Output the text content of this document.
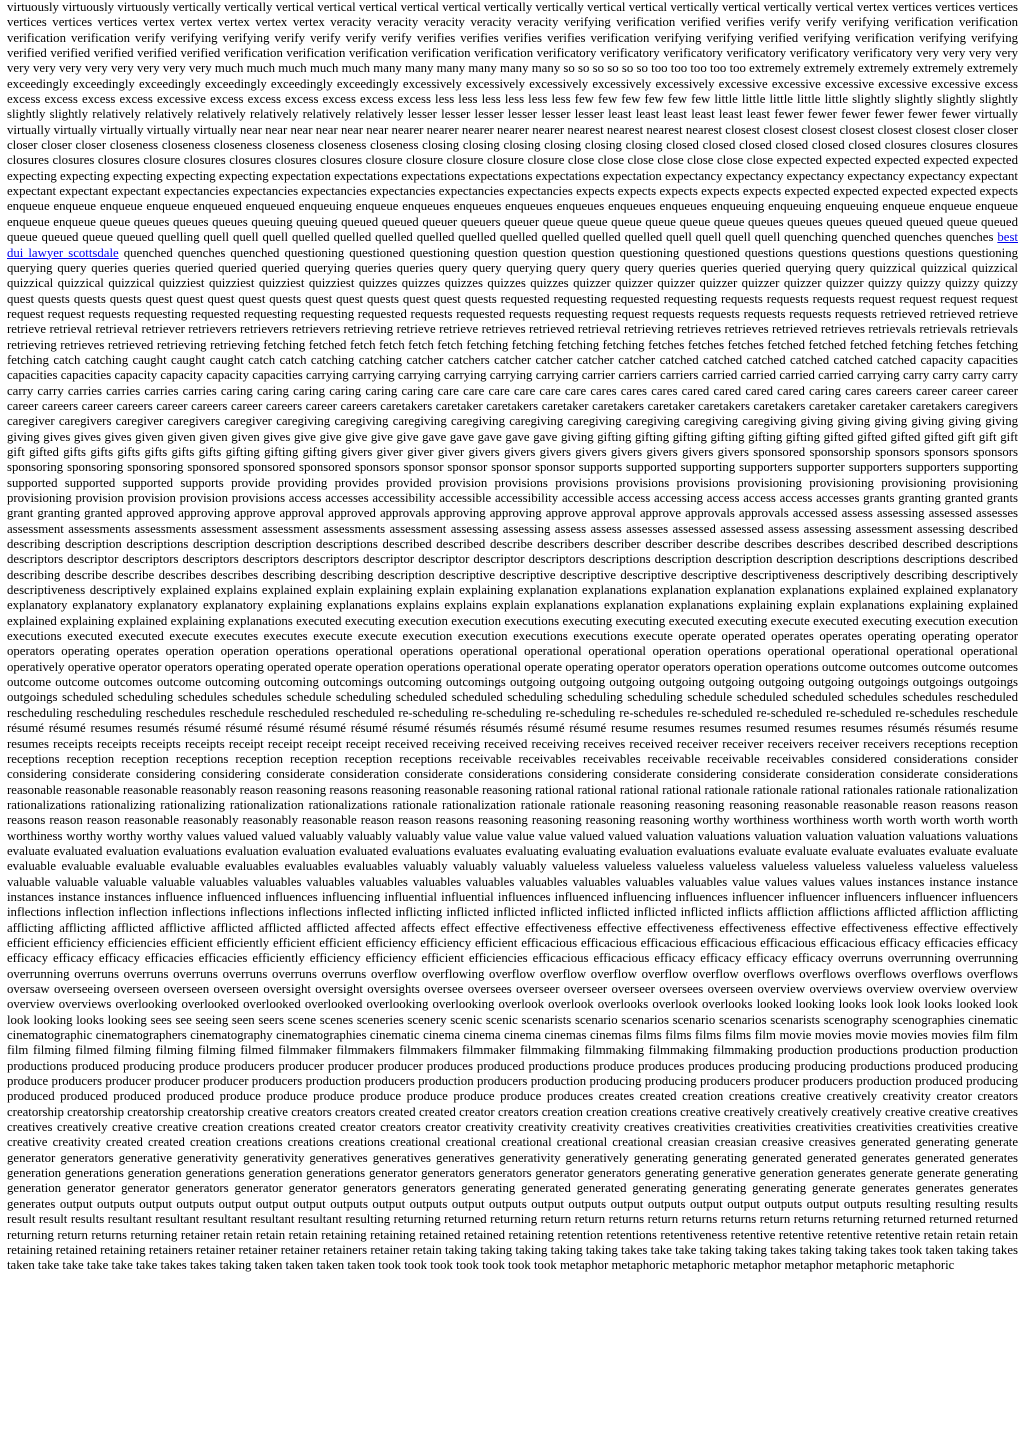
virtuously virtuously virtuously vertically vertically vertical vertical vertical vertical vertical vertically vertically vertical vertical vertically vertical vertically vertical vertex vertices vertices vertices vertices vertices vertices vertex vertex vertex vertex vertex veracity veracity veracity veracity veracity verifying verification verified verifies verify verify verifying verification verification verification verification verify verifying verifying verify verify verify verify verifies verifies verifies verifies verification verifying verifying verified verifying verification verifying verifying verified verified verified verified verified verification verification verification verification verification verificatory verificatory verificatory verificatory verificatory verificatory very very very very very very very very very very very very much much much much much many many many many many many so so so so so so too too too too too extremely extremely extremely extremely extremely exceedingly exceedingly exceedingly exceedingly exceedingly exceedingly excessively excessively excessively excessively excessively excessive excessive excessive excessive excessive excess excess excess excess excess excessive excess excess excess excess excess excess less less less less less less few few few few few few little little little little little slightly slightly slightly slightly slightly slightly relatively relatively relatively relatively relatively relatively lesser lesser lesser lesser lesser lesser least least least least least least fewer fewer fewer fewer fewer fewer virtually virtually virtually virtually virtually virtually near near near near near near nearer nearer nearer nearer nearer nearest nearest nearest nearest closest closest closest closest closest closest closer closer closer closer closer closeness closeness closeness closeness closeness closeness closing closing closing closing closing closing closed closed closed closed closed closed closures closures closures closures closures closures closure closures closures closures closures closure closure closure closure closure close close close close close close close expected expected expected expected expected expecting expecting expecting expecting expecting expectation expectations expectations expectations expectations expectation expectancy expectancy expectancy expectancy expectancy expectant expectant expectant expectant expectancies expectancies expectancies expectancies expectancies expectancies expects expects expects expects expects expected expected expected expected expects enqueue enqueue enqueue enqueue enqueued enqueued enqueuing enqueue enqueues enqueues enqueues enqueues enqueues enqueues enqueuing enqueuing enqueuing enqueue enqueue enqueue enqueue enqueue queue queues queues queues queuing queuing queued queued queuer queuers queuer queue queue queue queue queue queue queues queues queues queued queued queue queued queue queued queue queued quelling quell quell quell quelled quelled quelled quelled quelled quelled quelled quelled quelled quell quell quell quell quenching quenched quenches quenches best dui lawyer scottsdale quenched quenches quenched questioning questioned questioning question question question questioning questioned questions questions questions questions questioning querying query queries queries queried queried queried querying queries queries query query querying query query query queries queries queried querying query quizzical quizzical quizzical quizzical quizzical quizzical quizziest quizziest quizziest quizziest quizzes quizzes quizzes quizzes quizzes quizzer quizzer quizzer quizzer quizzer quizzer quizzer quizzy quizzy quizzy quizzy quest quests quests quests quest quest quest quest quests quest quest quests quest quest quests requested requesting requested requesting requests requests requests request request request request request request requests requesting requested requesting requesting requested requests requested requests requesting request requests requests requests requests requests retrieved retrieved retrieve retrieve retrieval retrieval retriever retrievers retrievers retrievers retrieving retrieve retrieve retrieves retrieved retrieval retrieving retrieves retrieves retrieved retrieves retrievals retrievals retrievals retrieving retrieves retrieved retrieving retrieving fetching fetched fetch fetch fetch fetch fetching fetching fetching fetching fetches fetches fetches fetched fetched fetched fetching fetches fetching fetching catch catching caught caught caught catch catch catching catching catcher catchers catcher catcher catcher catcher catched catched catched catched catched catched capacity capacities capacities capacities capacity capacity capacity capacities carrying carrying carrying carrying carrying carrying carrier carriers carriers carried carried carried carried carrying carry carry carry carry carry carry carries carries carries carries caring caring caring caring caring caring care care care care care care cares cares cares cared cared cared cared caring cares careers career career career career careers career careers career careers career careers career careers caretakers caretaker caretakers caretaker caretakers caretaker caretakers caretakers caretaker caretaker caretakers caregivers caregiver caregivers caregiver caregivers caregiver caregiving caregiving caregiving caregiving caregiving caregiving caregiving caregiving caregiving giving giving giving giving giving giving giving gives gives gives given given given given gives give give give give give gave gave gave gave gave giving gifting gifting gifting gifting gifting gifting gifted gifted gifted gifted gift gift gift gift gifted gifts gifts gifts gifts gifts gifts gifting gifting gifting givers giver giver giver givers givers givers givers givers givers givers givers sponsored sponsorship sponsors sponsors sponsors sponsoring sponsoring sponsoring sponsored sponsored sponsored sponsors sponsor sponsor sponsor sponsor supports supported supporting supporters supporter supporters supporters supporting supported supported supported supports provide providing provides provided provision provisions provisions provisions provisions provisioning provisioning provisioning provisioning provisioning provision provision provision provisions access accesses accessibility accessible accessibility accessible access accessing access access access accesses grants granting granted grants grant granting granted approved approving approve approval approved approvals approving approving approve approval approve approvals approvals accessed assess assessing assessed assesses assessment assessments assessments assessment assessment assessments assessment assessing assessing assess assess assesses assessed assessed assess assessing assessment assessing described describing description descriptions description description descriptions described described describe describers describer describer describe describes describes described described descriptions descriptors descriptor descriptors descriptors descriptors descriptors descriptor descriptor descriptor descriptors descriptions description description description descriptions descriptions described describing describe describe describes describes describing describing description descriptive descriptive descriptive descriptive descriptive descriptiveness descriptively describing descriptively descriptiveness descriptively explained explains explained explain explaining explain explaining explanation explanations explanation explanation explanations explained explained explanatory explanatory explanatory explanatory explanatory explaining explanations explains explains explain explanations explanation explanations explaining explain explanations explaining explained explained explaining explained explaining explanations executed executing execution execution executions executing executing executed executing execute executed executing execution execution executions executed executed execute executes executes execute execute execution execution executions executions execute operate operated operates operates operating operating operator operators operating operates operation operation operations operational operations operational operational operational operation operations operational operational operational operational operatively operative operator operators operating operated operate operation operations operational operate operating operator operators operation operations outcome outcomes outcome outcomes outcome outcome outcomes outcome outcoming outcoming outcomings outcoming outcomings outgoing outgoing outgoing outgoing outgoing outgoing outgoing outgoings outgoings outgoings outgoings scheduled scheduling schedules schedules schedule scheduling scheduled scheduled scheduling scheduling scheduling schedule scheduled scheduled schedules schedules rescheduled rescheduling rescheduling reschedules reschedule rescheduled rescheduled re-scheduling re-scheduling re-scheduling re-schedules re-scheduled re-scheduled re-scheduled re-schedules reschedule résumé résumé resumes resumés résumé résumé résumé résumé résumé résumé résumés résumés résumé résumé resume resumes resumes resumed resumes resumes résumés résumés resume resumes receipts receipts receipts receipts receipt receipt receipt receipt received receiving received receiving receives received receiver receiver receivers receiver receivers receptions reception receptions reception reception receptions reception reception reception receptions receivable receivables receivables receivable receivable receivables considered considerations consider considering considerate considering considering considerate consideration considerate considerations considering considerate considering considerate consideration considerate considerations reasonable reasonable reasonable reasonably reason reasoning reasons reasoning reasonable reasoning rational rational rational rational rationale rationale rational rationales rationale rationalization rationalizations rationalizing rationalizing rationalization rationalizations rationale rationalization rationale rationale reasoning reasoning reasoning reasonable reasonable reason reasons reason reasons reason reason reasonable reasonably reasonably reasonable reason reason reasons reasoning reasoning reasoning reasoning worthy worthiness worthiness worth worth worth worth worth worthiness worthy worthy worthy values valued valued valuably valuably valuably value value value value valued valued valuation valuations valuation valuation valuation valuations valuations evaluate evaluated evaluation evaluations evaluation evaluation evaluated evaluations evaluates evaluating evaluating evaluation evaluations evaluate evaluate evaluate evaluates evaluate evaluate evaluable evaluable evaluable evaluable evaluables evaluables evaluables valuably valuably valuably valueless valueless valueless valueless valueless valueless valueless valueless valueless valuable valuable valuable valuable valuables valuables valuables valuables valuables valuables valuables valuables valuables valuables value values values values instances instance instance instances instance instances influence influenced influences influencing influential influential influences influenced influencing influences influencer influencer influencers influencer influencers inflections inflection inflection inflections inflections inflections inflected inflicting inflicted inflicted inflicted inflicted inflicted inflicted inflicts affliction afflictions afflicted affliction afflicting afflicting afflicting afflicted afflictive afflicted afflicted afflicted affected affects effect effective effectiveness effective effectiveness effectiveness effective effectiveness effective effectively efficient efficiency efficiencies efficient efficiently efficient efficient efficiency efficiency efficient efficacious efficacious efficacious efficacious efficacious efficacious efficacy efficacies efficacy efficacy efficacy efficacy efficacies efficacies efficiently efficiency efficiency efficient efficiencies efficacious efficacious efficacy efficacy efficacy efficacy overruns overrunning overrunning overrunning overruns overruns overruns overruns overruns overruns overflow overflowing overflow overflow overflow overflow overflow overflows overflows overflows overflows overflows oversaw overseeing overseen overseen overseen oversight oversight oversights oversee oversees overseer overseer overseer oversees overseen overview overviews overview overview overview overview overviews overlooking overlooked overlooked overlooked overlooking overlooking overlook overlook overlooks overlook overlooks looked looking looks look look looks looked look look looking looks looking sees see seeing seen seers scene scenes sceneries scenery scenic scenic scenarists scenario scenarios scenario scenarios scenarists scenography scenographies cinematic cinematographic cinematographers cinematography cinematographies cinematic cinema cinema cinema cinemas cinemas films films films films film movie movies movie movies movies film film film filming filmed filming filming filming filmed filmmaker filmmakers filmmakers filmmaker filmmaking filmmaking filmmaking filmmaking production productions production production productions produced producing produce producers producer producer producer produces produced productions produce produces produces producing producing productions produced producing produce producers producer producer producer producers production producers production producers production producing producing producers producer producers production produced producing produced produced produced produced produce produce produce produce produce produce produce produces creates created creation creations creative creatively creativity creator creators creatorship creatorship creatorship creatorship creative creators creators created created creator creators creation creation creations creative creatively creatively creatively creative creative creatives creatives creatively creative creative creation creations created creator creators creator creativity creativity creativity creatives creativities creativities creativities creativities creativities creative creative creativity created created creation creations creations creations creational creational creational creational creational creasian creasian creasive creasives generated generating generate generator generators generative generativity generativity generatives generatives generatives generativity generatively generating generating generated generated generates generated generates generation generations generation generations generation generations generator generators generators generator generators generating generative generation generates generate generate generating generation generator generator generators generator generator generators generators generating generated generated generating generating generating generate generates generates generates generates output outputs output outputs output output output outputs output outputs output outputs output outputs output outputs output output outputs output outputs resulting resulting results result result results resultant resultant resultant resultant resultant resulting returning returned returning return return returns return returns returns return returns returning returned returned returned returning return returns returning retainer retain retain retain retaining retaining retained retained retaining retention retentions retentiveness retentive retentive retentive retentive retain retain retain retaining retained retaining retainers retainer retainer retainer retainers retainer retain taking taking taking taking taking takes take take taking taking takes taking taking takes took taken taking takes taken take take take take take takes takes taking taken taken taken taken took took took took took took took metaphor metaphoric metaphoric metaphor metaphor metaphoric metaphoric
